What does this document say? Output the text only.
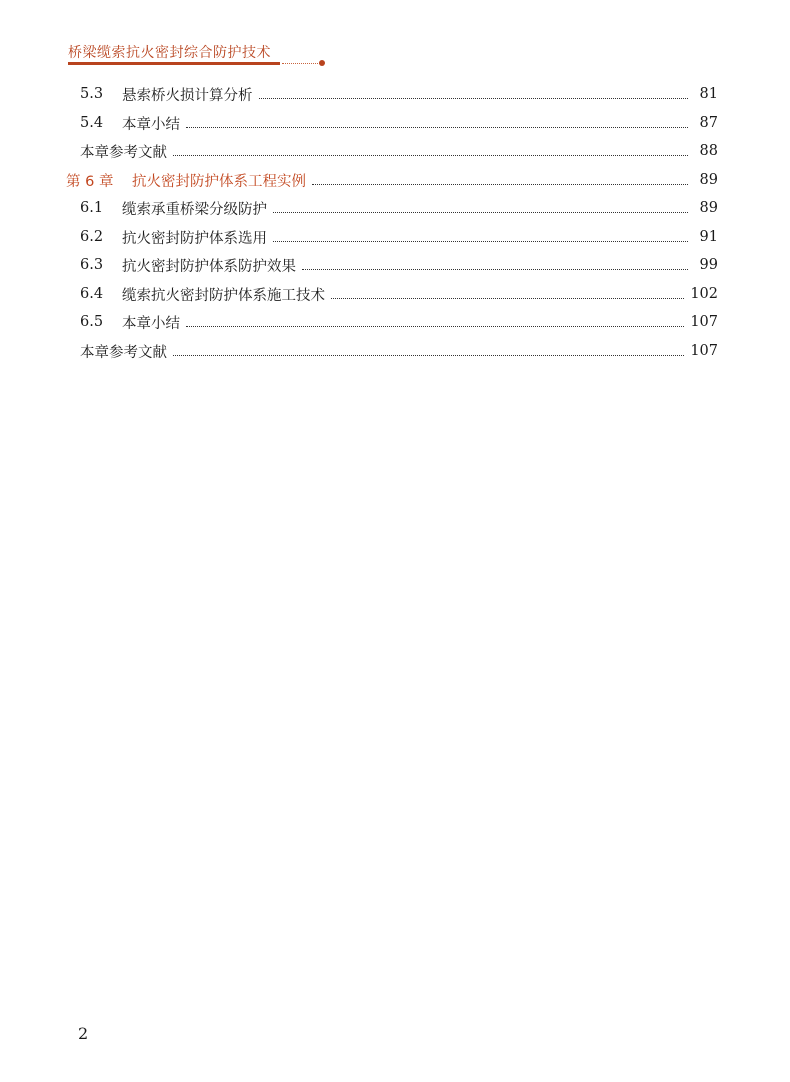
桥梁缆索抗火密封综合防护技术
5.3	悬索桥火损计算分析	81
5.4	本章小结	87
本章参考文献	88
第 6 章	抗火密封防护体系工程实例	89
6.1	缆索承重桥梁分级防护	89
6.2	抗火密封防护体系选用	91
6.3	抗火密封防护体系防护效果	99
6.4	缆索抗火密封防护体系施工技术	102
6.5	本章小结	107
本章参考文献	107
2
